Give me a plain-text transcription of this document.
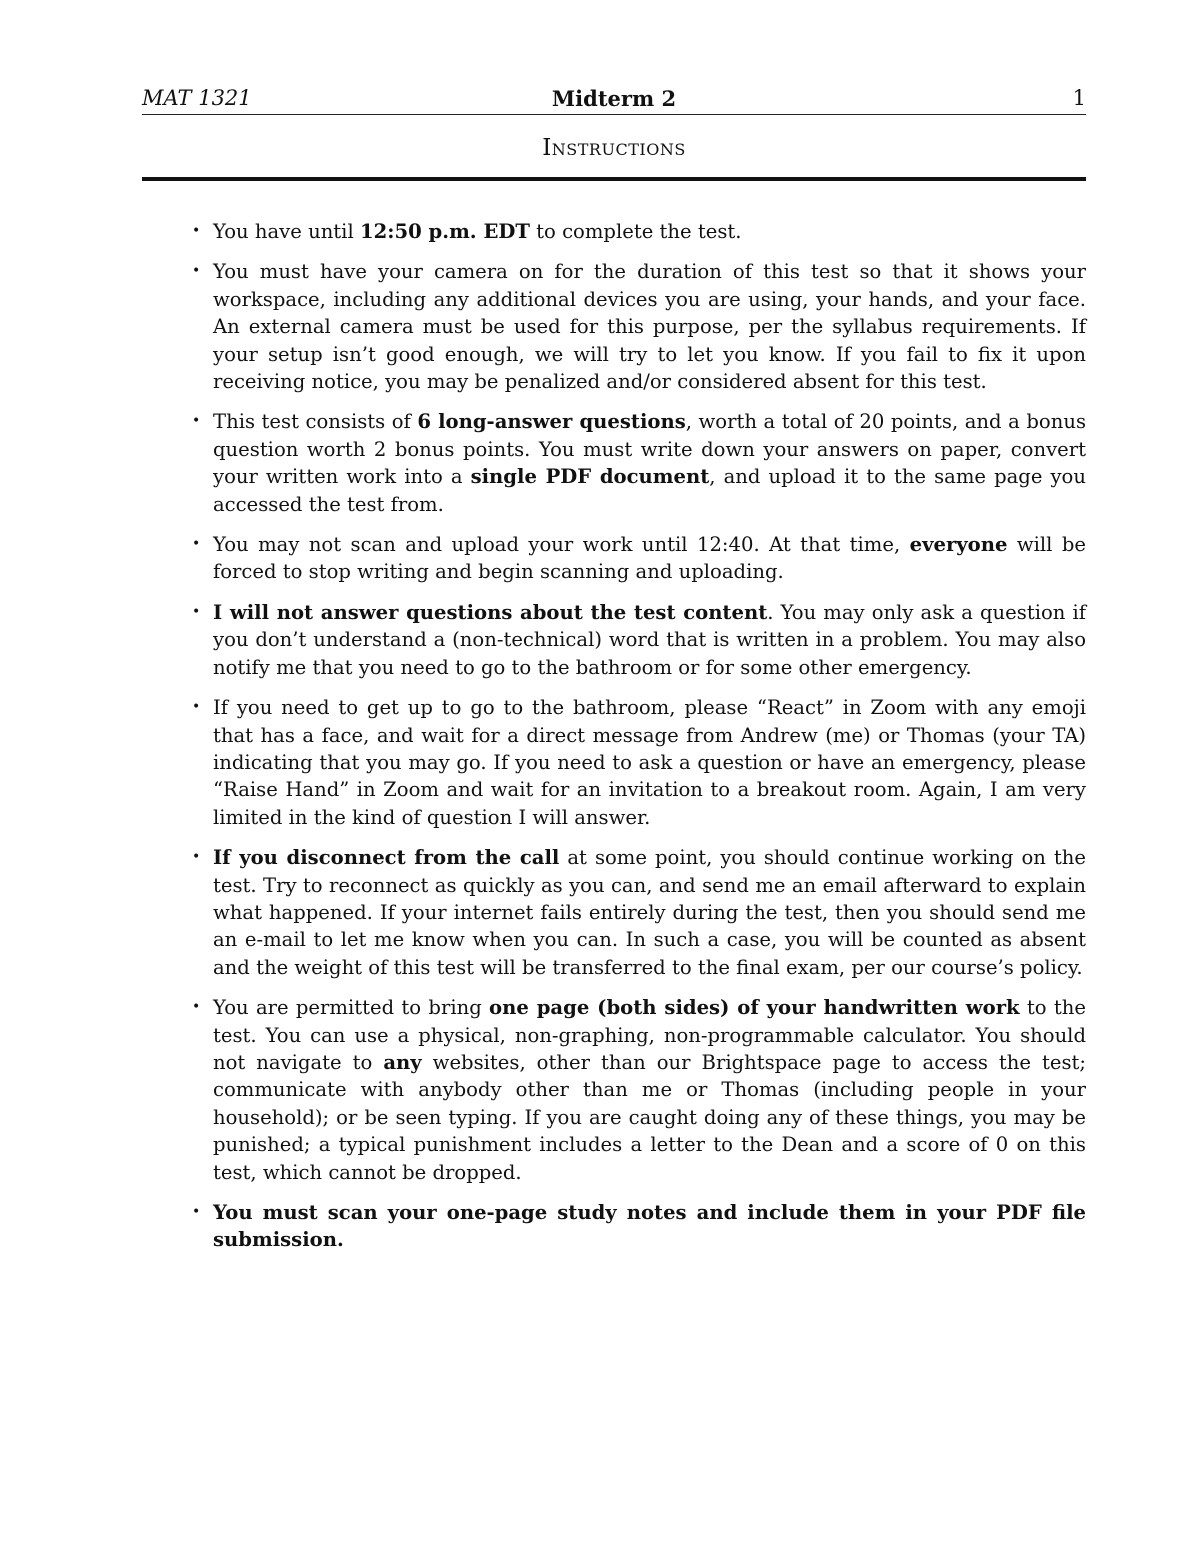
MAT 1321	Midterm 2	1
Instructions
• You have until 12:50 p.m. EDT to complete the test.
• You must have your camera on for the duration of this test so that it shows your workspace, including any additional devices you are using, your hands, and your face. An external camera must be used for this purpose, per the syllabus requirements. If your setup isn’t good enough, we will try to let you know. If you fail to fix it upon receiving notice, you may be penalized and/or considered absent for this test.
• This test consists of 6 long-answer questions, worth a total of 20 points, and a bonus question worth 2 bonus points. You must write down your answers on paper, convert your written work into a single PDF document, and upload it to the same page you accessed the test from.
• You may not scan and upload your work until 12:40. At that time, everyone will be forced to stop writing and begin scanning and uploading.
• I will not answer questions about the test content. You may only ask a question if you don’t understand a (non-technical) word that is written in a problem. You may also notify me that you need to go to the bathroom or for some other emergency.
• If you need to get up to go to the bathroom, please “React” in Zoom with any emoji that has a face, and wait for a direct message from Andrew (me) or Thomas (your TA) indicating that you may go. If you need to ask a question or have an emergency, please “Raise Hand” in Zoom and wait for an invitation to a breakout room. Again, I am very limited in the kind of question I will answer.
• If you disconnect from the call at some point, you should continue working on the test. Try to reconnect as quickly as you can, and send me an email afterward to explain what happened. If your internet fails entirely during the test, then you should send me an e-mail to let me know when you can. In such a case, you will be counted as absent and the weight of this test will be transferred to the final exam, per our course’s policy.
• You are permitted to bring one page (both sides) of your handwritten work to the test. You can use a physical, non-graphing, non-programmable calculator. You should not navigate to any websites, other than our Brightspace page to access the test; communicate with anybody other than me or Thomas (including people in your household); or be seen typing. If you are caught doing any of these things, you may be punished; a typical punishment includes a letter to the Dean and a score of 0 on this test, which cannot be dropped.
• You must scan your one-page study notes and include them in your PDF file submission.
